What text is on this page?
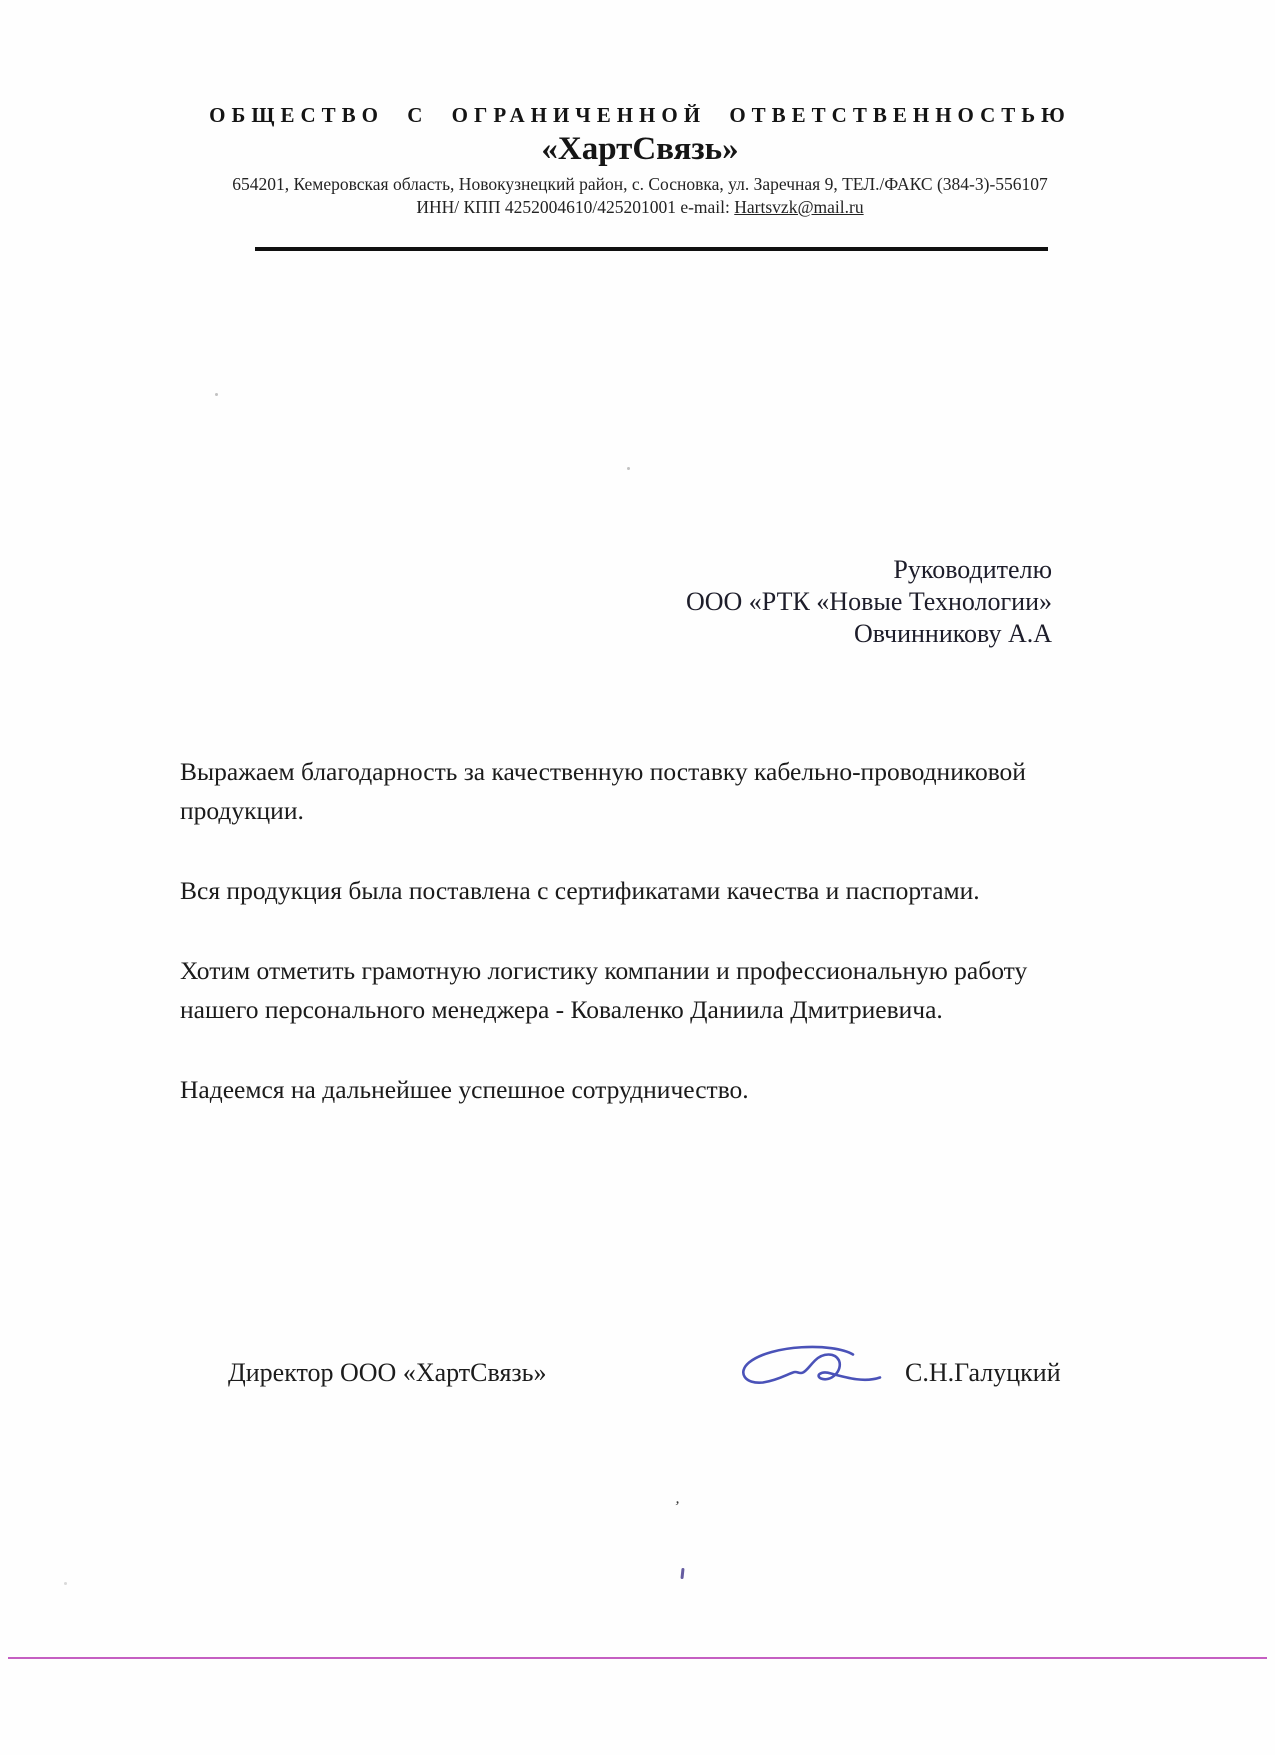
ОБЩЕСТВО С ОГРАНИЧЕННОЙ ОТВЕТСТВЕННОСТЬЮ
«ХартСвязь»
654201, Кемеровская область, Новокузнецкий район, с. Сосновка, ул. Заречная 9, ТЕЛ./ФАКС (384-3)-556107
ИНН/ КПП 4252004610/425201001 e-mail: Hartsvzk@mail.ru
Руководителю
ООО «РТК «Новые Технологии»
Овчинникову А.А

Выражаем благодарность за качественную поставку кабельно-проводниковой продукции.

Вся продукция была поставлена с сертификатами качества и паспортами.

Хотим отметить грамотную логистику компании и профессиональную работу нашего персонального менеджера - Коваленко Даниила Дмитриевича.

Надеемся на дальнейшее успешное сотрудничество.

Директор ООО «ХартСвязь»	С.Н.Галуцкий
,
